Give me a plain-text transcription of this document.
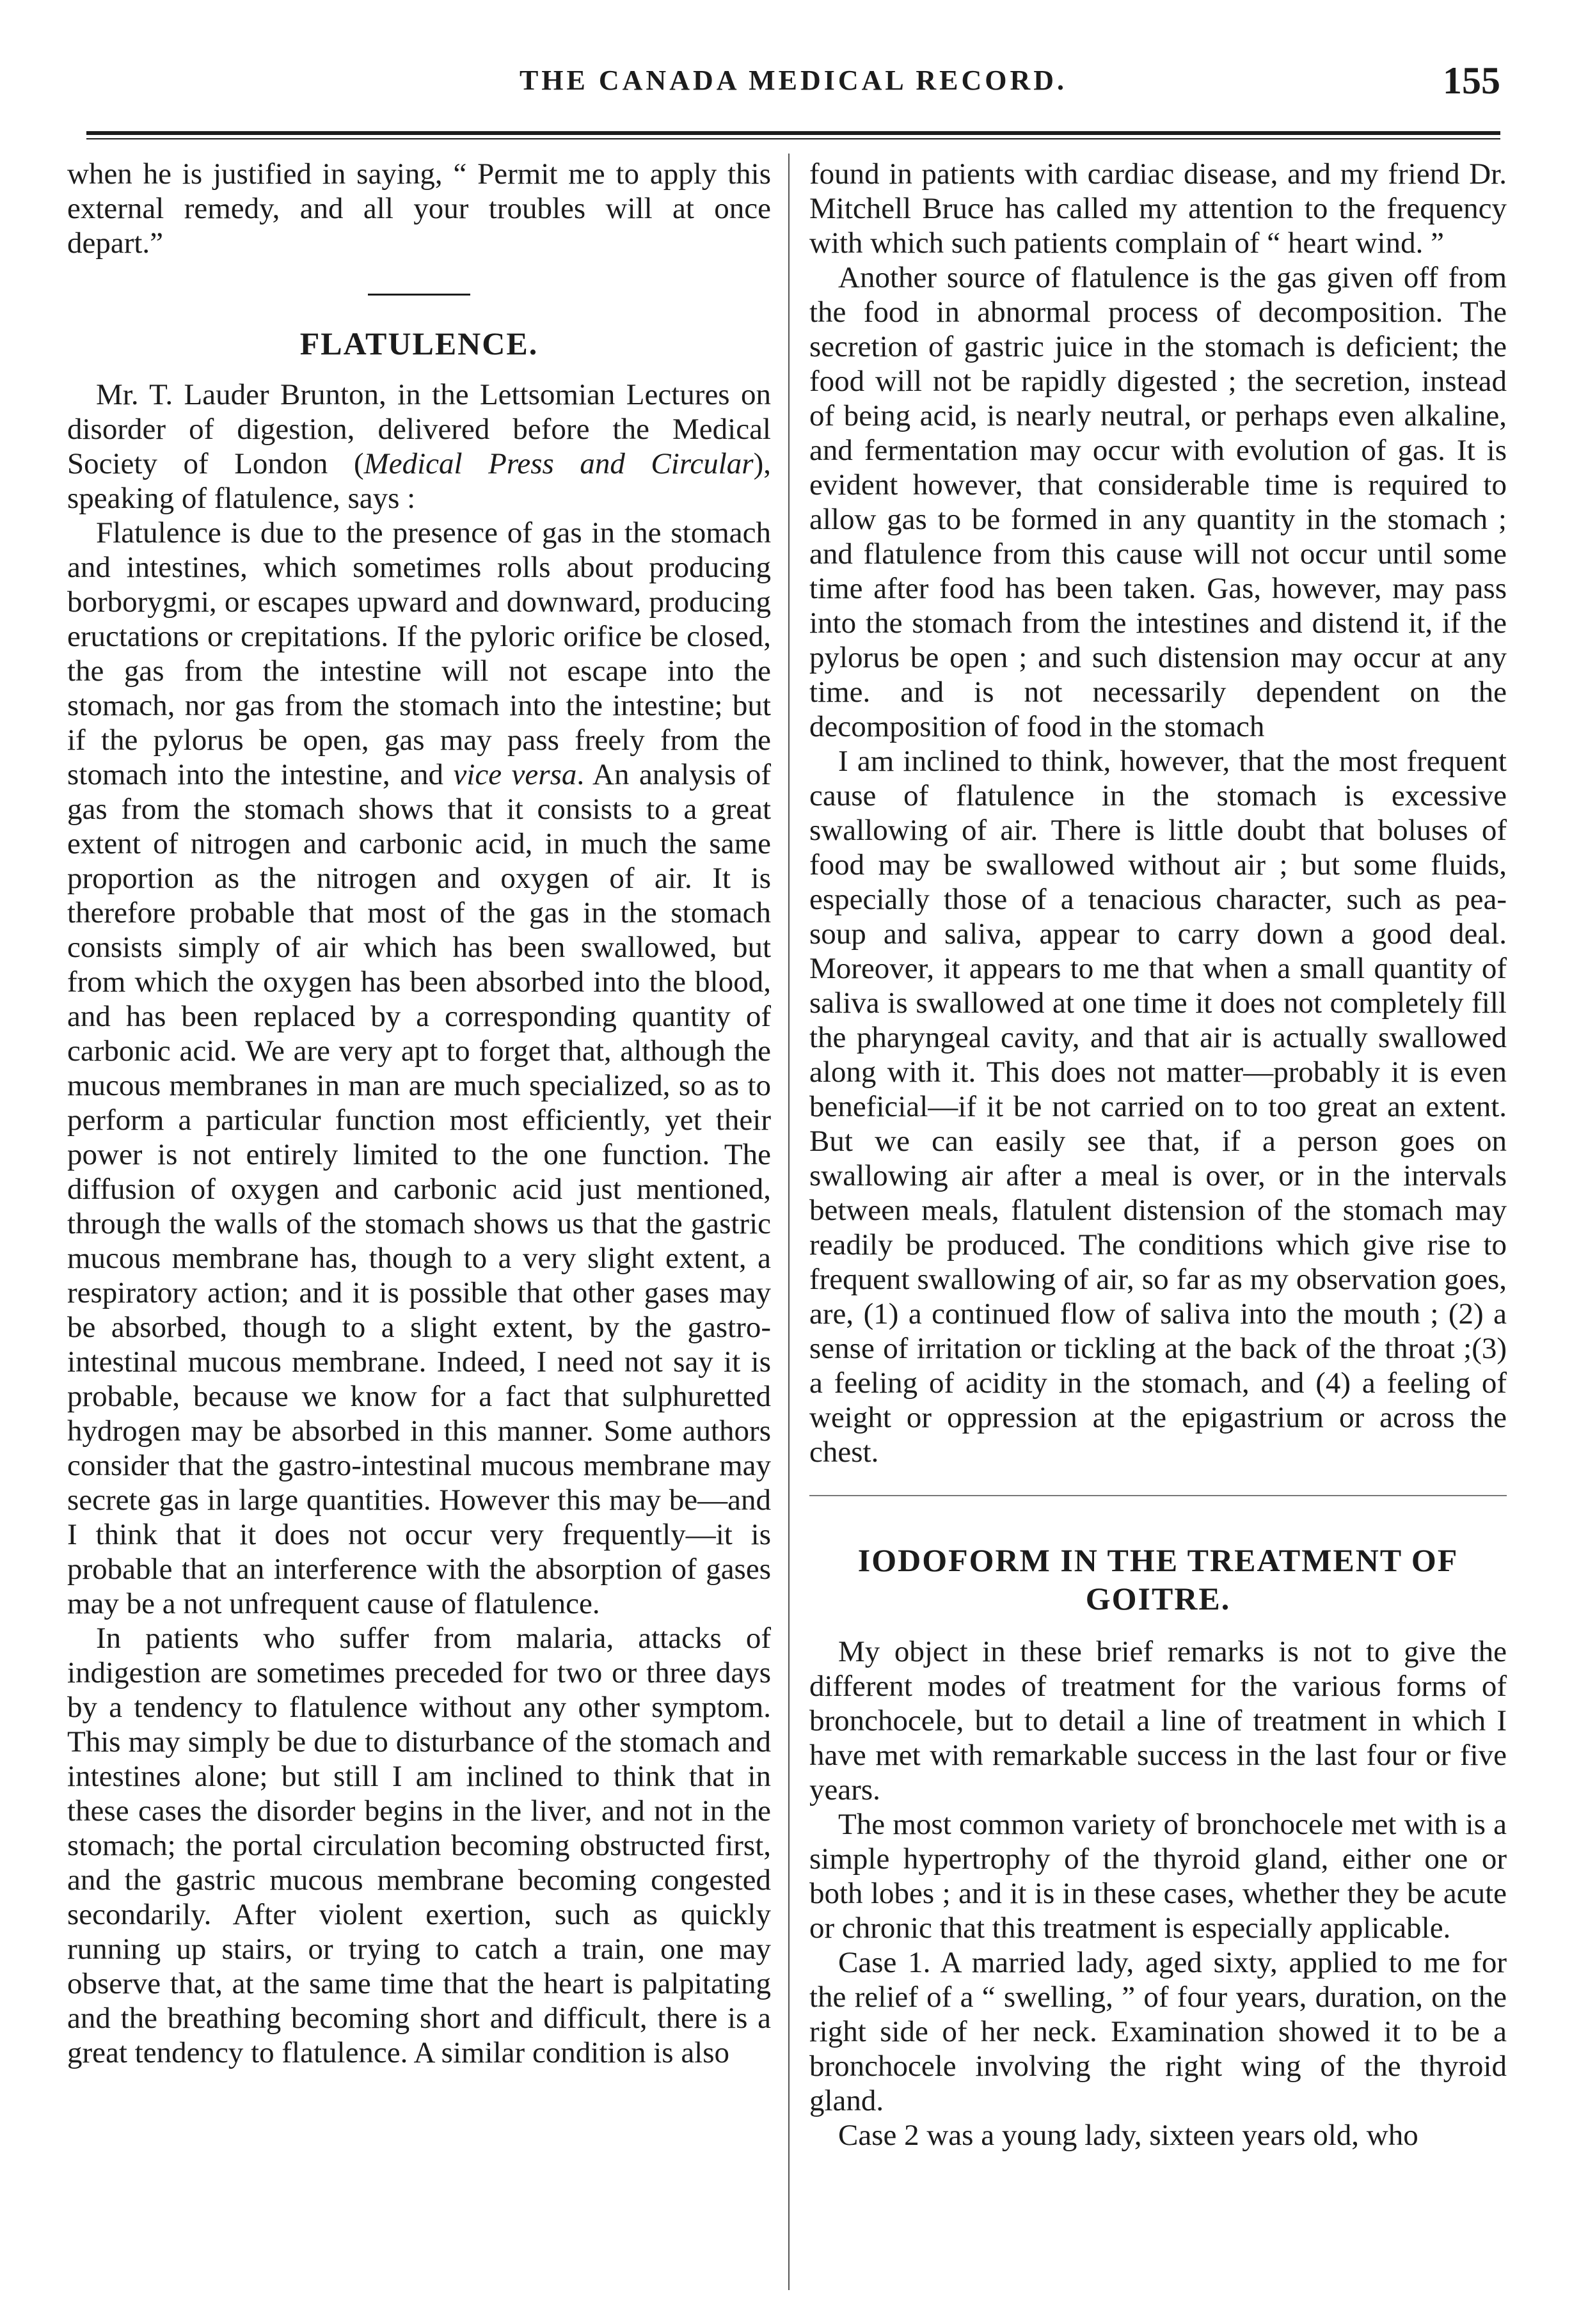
THE CANADA MEDICAL RECORD.	155

when he is justified in saying, “ Permit me to apply this external remedy, and all your troubles will at once depart.”

FLATULENCE.

Mr. T. Lauder Brunton, in the Lettsomian Lectures on disorder of digestion, delivered before the Medical Society of London (Medical Press and Circular), speaking of flatulence, says :

Flatulence is due to the presence of gas in the stomach and intestines, which sometimes rolls about producing borborygmi, or escapes upward and downward, producing eructations or crepitations. If the pyloric orifice be closed, the gas from the intestine will not escape into the stomach, nor gas from the stomach into the intestine; but if the pylorus be open, gas may pass freely from the stomach into the intestine, and vice versa. An analysis of gas from the stomach shows that it consists to a great extent of nitrogen and carbonic acid, in much the same proportion as the nitrogen and oxygen of air. It is therefore probable that most of the gas in the stomach consists simply of air which has been swallowed, but from which the oxygen has been absorbed into the blood, and has been replaced by a corresponding quantity of carbonic acid. We are very apt to forget that, although the mucous membranes in man are much specialized, so as to perform a particular function most efficiently, yet their power is not entirely limited to the one function. The diffusion of oxygen and carbonic acid just mentioned, through the walls of the stomach shows us that the gastric mucous membrane has, though to a very slight extent, a respiratory action; and it is possible that other gases may be absorbed, though to a slight extent, by the gastro-intestinal mucous membrane. Indeed, I need not say it is probable, because we know for a fact that sulphuretted hydrogen may be absorbed in this manner. Some authors consider that the gastro-intestinal mucous membrane may secrete gas in large quantities. However this may be—and I think that it does not occur very frequently—it is probable that an interference with the absorption of gases may be a not unfrequent cause of flatulence.

In patients who suffer from malaria, attacks of indigestion are sometimes preceded for two or three days by a tendency to flatulence without any other symptom. This may simply be due to disturbance of the stomach and intestines alone; but still I am inclined to think that in these cases the disorder begins in the liver, and not in the stomach; the portal circulation becoming obstructed first, and the gastric mucous membrane becoming congested secondarily. After violent exertion, such as quickly running up stairs, or trying to catch a train, one may observe that, at the same time that the heart is palpitating and the breathing becoming short and difficult, there is a great tendency to flatulence. A similar condition is also

found in patients with cardiac disease, and my friend Dr. Mitchell Bruce has called my attention to the frequency with which such patients complain of “ heart wind. ”

Another source of flatulence is the gas given off from the food in abnormal process of decomposition. The secretion of gastric juice in the stomach is deficient; the food will not be rapidly digested ; the secretion, instead of being acid, is nearly neutral, or perhaps even alkaline, and fermentation may occur with evolution of gas. It is evident however, that considerable time is required to allow gas to be formed in any quantity in the stomach ; and flatulence from this cause will not occur until some time after food has been taken. Gas, however, may pass into the stomach from the intestines and distend it, if the pylorus be open ; and such distension may occur at any time. and is not necessarily dependent on the decomposition of food in the stomach

I am inclined to think, however, that the most frequent cause of flatulence in the stomach is excessive swallowing of air. There is little doubt that boluses of food may be swallowed without air ; but some fluids, especially those of a tenacious character, such as pea-soup and saliva, appear to carry down a good deal. Moreover, it appears to me that when a small quantity of saliva is swallowed at one time it does not completely fill the pharyngeal cavity, and that air is actually swallowed along with it. This does not matter—probably it is even beneficial—if it be not carried on to too great an extent. But we can easily see that, if a person goes on swallowing air after a meal is over, or in the intervals between meals, flatulent distension of the stomach may readily be produced. The conditions which give rise to frequent swallowing of air, so far as my observation goes, are, (1) a continued flow of saliva into the mouth ; (2) a sense of irritation or tickling at the back of the throat ;(3) a feeling of acidity in the stomach, and (4) a feeling of weight or oppression at the epigastrium or across the chest.

IODOFORM IN THE TREATMENT OF GOITRE.

My object in these brief remarks is not to give the different modes of treatment for the various forms of bronchocele, but to detail a line of treatment in which I have met with remarkable success in the last four or five years.

The most common variety of bronchocele met with is a simple hypertrophy of the thyroid gland, either one or both lobes ; and it is in these cases, whether they be acute or chronic that this treatment is especially applicable.

Case 1. A married lady, aged sixty, applied to me for the relief of a “ swelling, ” of four years, duration, on the right side of her neck. Examination showed it to be a bronchocele involving the right wing of the thyroid gland.

Case 2 was a young lady, sixteen years old, who
